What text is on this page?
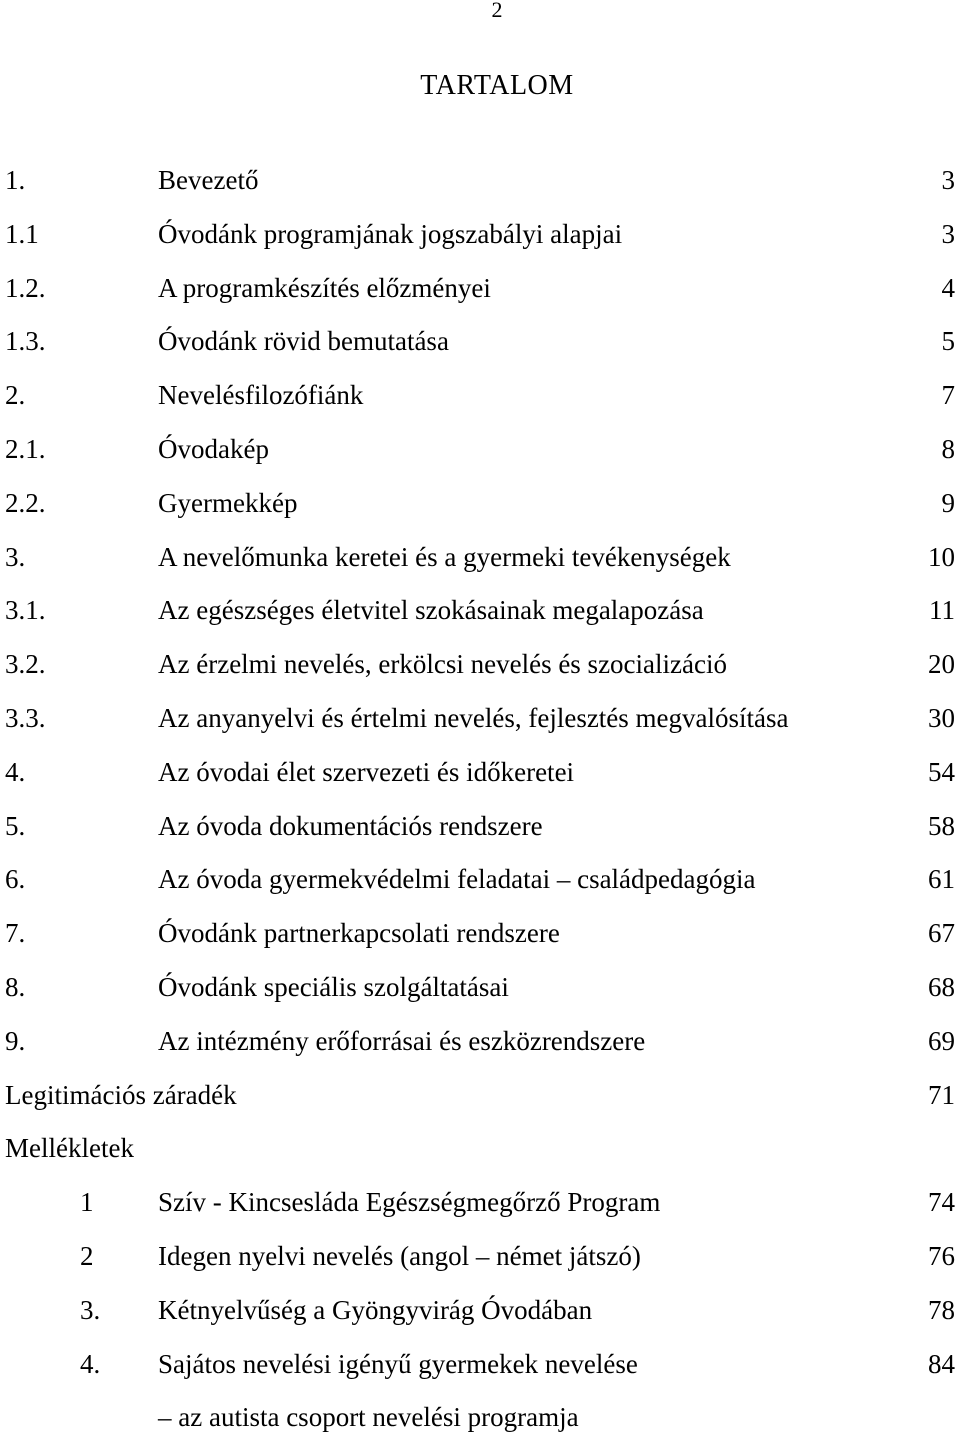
2
TARTALOM
1.	Bevezető	3
1.1	Óvodánk programjának jogszabályi alapjai	3
1.2.	A programkészítés előzményei	4
1.3.	Óvodánk rövid bemutatása	5
2.	Nevelésfilozófiánk	7
2.1.	Óvodakép	8
2.2.	Gyermekkép	9
3.	A nevelőmunka keretei és a gyermeki tevékenységek	10
3.1.	Az egészséges életvitel szokásainak megalapozása	11
3.2.	Az érzelmi nevelés, erkölcsi nevelés és szocializáció	20
3.3.	Az anyanyelvi és értelmi nevelés, fejlesztés megvalósítása	30
4.	Az óvodai élet szervezeti és időkeretei	54
5.	Az óvoda dokumentációs rendszere	58
6.	Az óvoda gyermekvédelmi feladatai – családpedagógia	61
7.	Óvodánk partnerkapcsolati rendszere	67
8.	Óvodánk speciális szolgáltatásai	68
9.	Az intézmény erőforrásai és eszközrendszere	69
Legitimációs záradék	71
Mellékletek
1 Szív - Kincsesláda Egészségmegőrző Program	74
2 Idegen nyelvi nevelés (angol – német játszó)	76
3. Kétnyelvűség a Gyöngyvirág Óvodában	78
4. Sajátos nevelési igényű gyermekek nevelése	84
– az autista csoport nevelési programja
